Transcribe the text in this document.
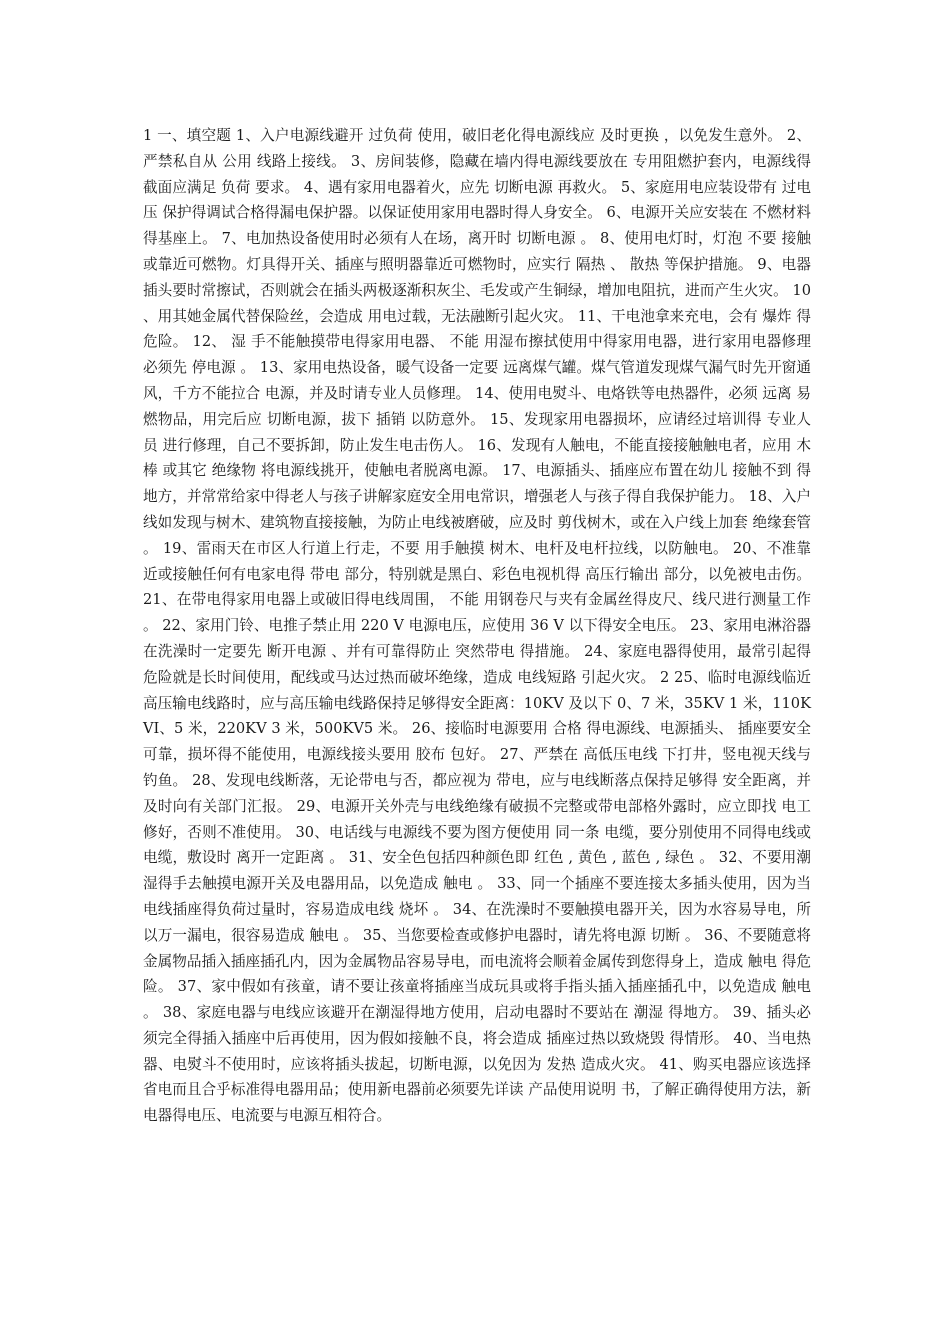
1 一、填空题 1、入户电源线避开 过负荷 使用，破旧老化得电源线应 及时更换 ，以免发生意外。 2、严禁私自从 公用 线路上接线。 3、房间装修，隐藏在墙内得电源线要放在 专用阻燃护套内，电源线得截面应满足 负荷 要求。 4、遇有家用电器着火，应先 切断电源 再救火。 5、家庭用电应装设带有 过电压 保护得调试合格得漏电保护器。以保证使用家用电器时得人身安全。 6、电源开关应安装在 不燃材料 得基座上。 7、电加热设备使用时必须有人在场，离开时 切断电源 。 8、使用电灯时，灯泡 不要 接触或靠近可燃物。灯具得开关、插座与照明器靠近可燃物时，应实行 隔热 、 散热 等保护措施。 9、电器插头要时常擦试，否则就会在插头两极逐渐积灰尘、毛发或产生铜绿，增加电阻抗，进而产生火灾。 10、用其她金属代替保险丝，会造成 用电过载，无法融断引起火灾。 11、干电池拿来充电，会有 爆炸 得危险。 12、 湿 手不能触摸带电得家用电器、 不能 用湿布擦拭使用中得家用电器，进行家用电器修理必须先 停电源 。 13、家用电热设备，暖气设备一定要 远离煤气罐。煤气管道发现煤气漏气时先开窗通风，千方不能拉合 电源，并及时请专业人员修理。 14、使用电熨斗、电烙铁等电热器件，必须 远离 易燃物品，用完后应 切断电源，拔下 插销 以防意外。 15、发现家用电器损坏，应请经过培训得 专业人员 进行修理，自己不要拆卸，防止发生电击伤人。 16、发现有人触电，不能直接接触触电者，应用 木棒 或其它 绝缘物 将电源线挑开，使触电者脱离电源。 17、电源插头、插座应布置在幼儿 接触不到 得地方，并常常给家中得老人与孩子讲解家庭安全用电常识，增强老人与孩子得自我保护能力。 18、入户线如发现与树木、建筑物直接接触，为防止电线被磨破，应及时 剪伐树木，或在入户线上加套 绝缘套管 。 19、雷雨天在市区人行道上行走，不要 用手触摸 树木、电杆及电杆拉线，以防触电。 20、不准靠近或接触任何有电家电得 带电 部分，特别就是黑白、彩色电视机得 高压行输出 部分，以免被电击伤。 21、在带电得家用电器上或破旧得电线周围， 不能 用钢卷尺与夹有金属丝得皮尺、线尺进行测量工作。 22、家用门铃、电推子禁止用 220 V 电源电压，应使用 36 V 以下得安全电压。 23、家用电淋浴器在洗澡时一定要先 断开电源 、并有可靠得防止 突然带电 得措施。 24、家庭电器得使用，最常引起得危险就是长时间使用，配线或马达过热而破坏绝缘，造成 电线短路 引起火灾。 2 25、临时电源线临近高压输电线路时，应与高压输电线路保持足够得安全距离：10KV 及以下 0、7 米，35KV 1 米，110KVI、5 米，220KV 3 米，500KV5 米。 26、接临时电源要用 合格 得电源线、电源插头、 插座要安全可靠，损坏得不能使用，电源线接头要用 胶布 包好。 27、严禁在 高低压电线 下打井，竖电视天线与钓鱼。 28、发现电线断落，无论带电与否，都应视为 带电，应与电线断落点保持足够得 安全距离，并及时向有关部门汇报。 29、电源开关外壳与电线绝缘有破损不完整或带电部格外露时，应立即找 电工修好，否则不准使用。 30、电话线与电源线不要为图方便使用 同一条 电缆，要分别使用不同得电线或电缆，敷设时 离开一定距离 。 31、安全色包括四种颜色即 红色 , 黄色 , 蓝色 , 绿色 。 32、不要用潮湿得手去触摸电源开关及电器用品，以免造成 触电 。 33、同一个插座不要连接太多插头使用，因为当电线插座得负荷过量时，容易造成电线 烧坏 。 34、在洗澡时不要触摸电器开关，因为水容易导电，所以万一漏电，很容易造成 触电 。 35、当您要检查或修护电器时，请先将电源 切断 。 36、不要随意将金属物品插入插座插孔内，因为金属物品容易导电，而电流将会顺着金属传到您得身上，造成 触电 得危险。 37、家中假如有孩童，请不要让孩童将插座当成玩具或将手指头插入插座插孔中，以免造成 触电 。 38、家庭电器与电线应该避开在潮湿得地方使用，启动电器时不要站在 潮湿 得地方。 39、插头必须完全得插入插座中后再使用，因为假如接触不良，将会造成 插座过热以致烧毁 得情形。 40、当电热器、电熨斗不使用时，应该将插头拔起，切断电源，以免因为 发热 造成火灾。 41、购买电器应该选择省电而且合乎标准得电器用品；使用新电器前必须要先详读 产品使用说明 书，了解正确得使用方法，新电器得电压、电流要与电源互相符合。
